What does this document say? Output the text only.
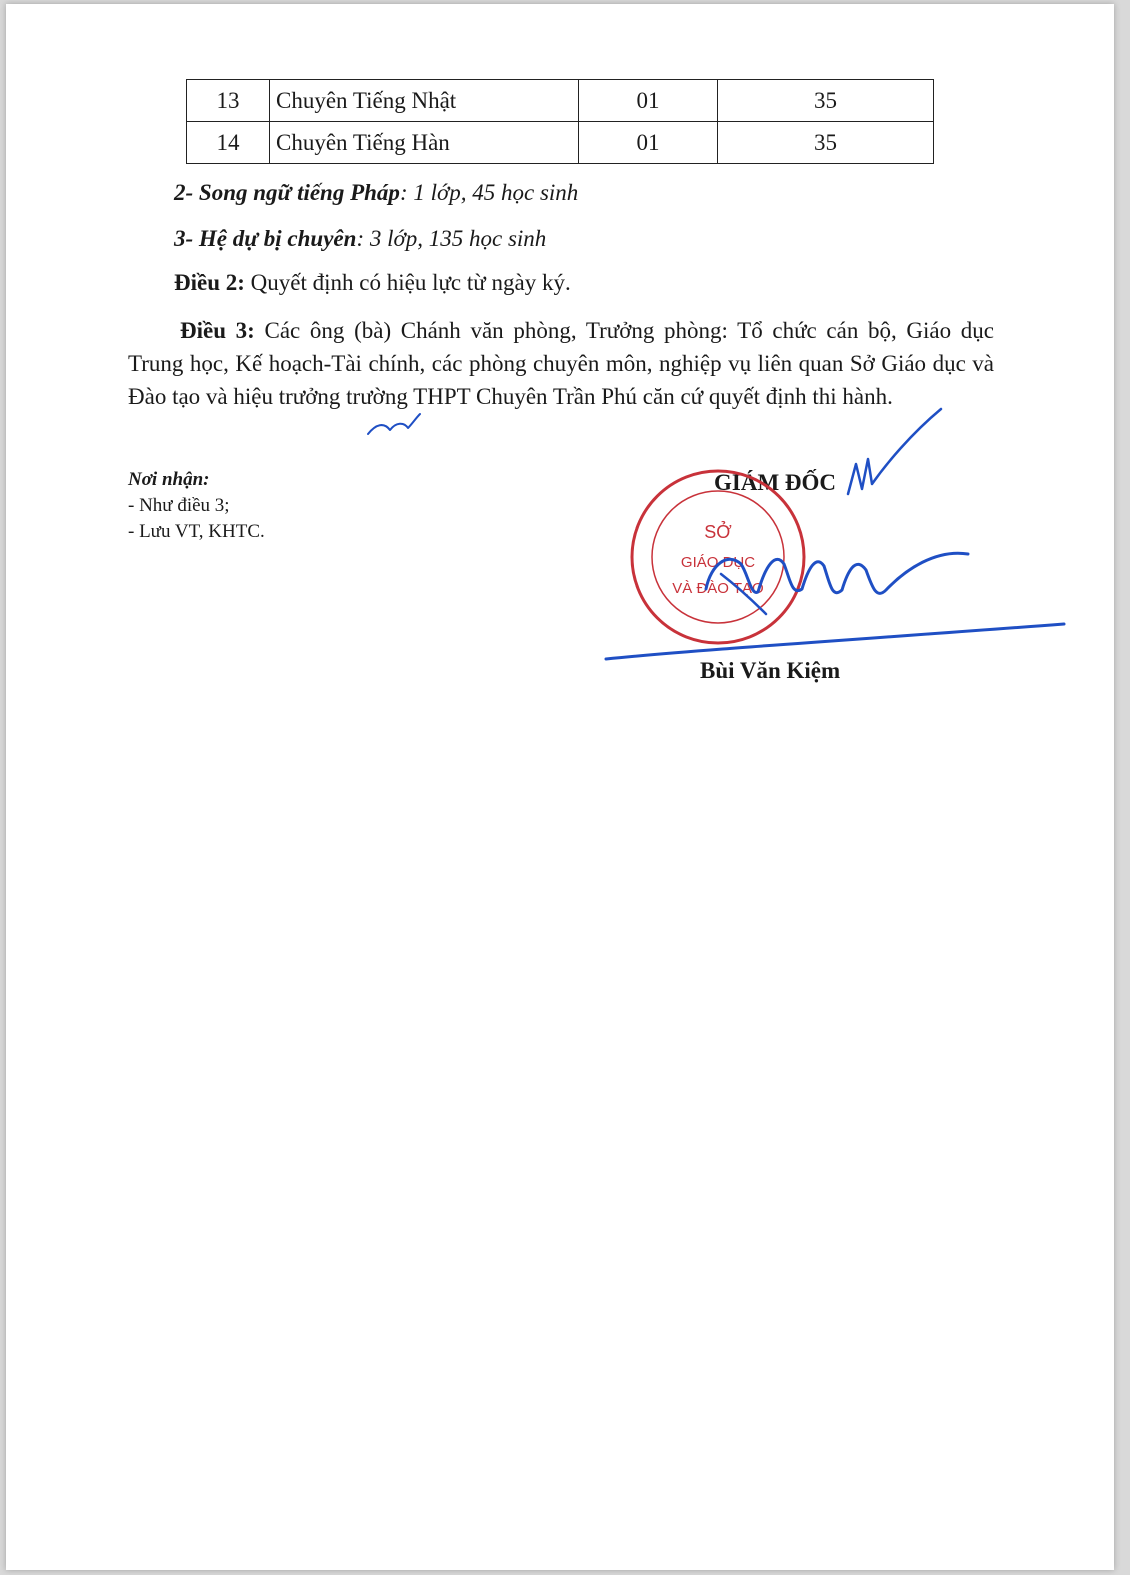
13	Chuyên Tiếng Nhật	01	35
14	Chuyên Tiếng Hàn	01	35
2- Song ngữ tiếng Pháp: 1 lớp, 45 học sinh
3- Hệ dự bị chuyên: 3 lớp, 135 học sinh
Điều 2: Quyết định có hiệu lực từ ngày ký.
Điều 3: Các ông (bà) Chánh văn phòng, Trưởng phòng: Tổ chức cán bộ, Giáo dục Trung học, Kế hoạch-Tài chính, các phòng chuyên môn, nghiệp vụ liên quan Sở Giáo dục và Đào tạo và hiệu trưởng trường THPT Chuyên Trần Phú căn cứ quyết định thi hành.
Nơi nhận:
- Như điều 3;
- Lưu VT, KHTC.
GIÁM ĐỐC
SỞ
GIÁO DỤC
VÀ ĐÀO TẠO
Bùi Văn Kiệm
